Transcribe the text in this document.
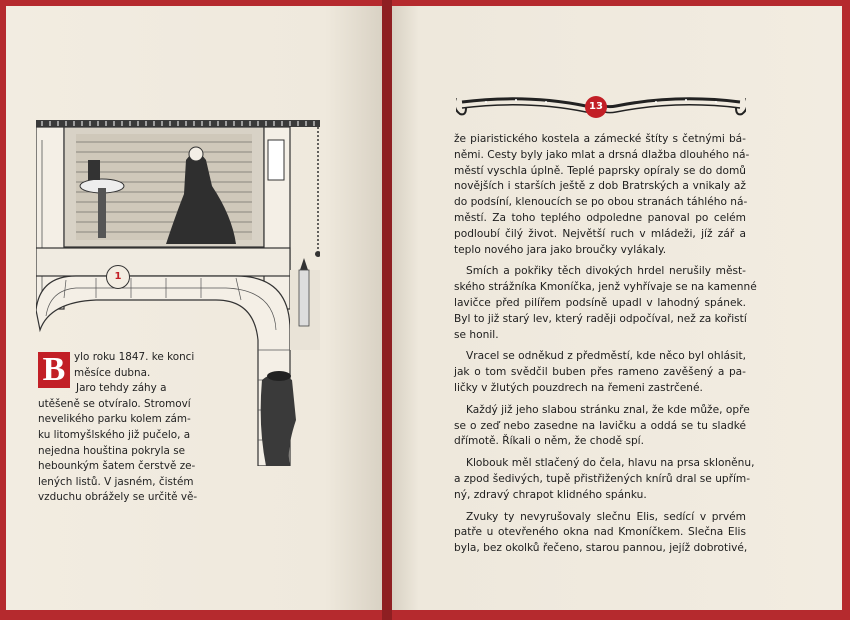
1
B ylo roku 1847. ke konci
měsíce dubna.
Jaro tehdy záhy a
utěšeně se otvíralo. Stromoví
nevelikého parku kolem zám-
ku litomyšlského již pučelo, a
nejedna houština pokryla se
hebounkým šatem čerstvě ze-
lených listů. V jasném, čistém
vzduchu obrážely se určitě vě-
13

že piaristického kostela a zámecké štíty s četnými bá-
němi. Cesty byly jako mlat a drsná dlažba dlouhého ná-
městí vyschla úplně. Teplé paprsky opíraly se do domů
novějších i starších ještě z dob Bratrských a vnikaly až
do podsíní, klenoucích se po obou stranách táhlého ná-
městí. Za toho teplého odpoledne panoval po celém
podloubí čilý život. Největší ruch v mládeži, jíž zář a
teplo nového jara jako broučky vylákaly.

Smích a pokřiky těch divokých hrdel nerušily měst-
ského strážníka Kmoníčka, jenž vyhřívaje se na kamenné
lavičce před pilířem podsíně upadl v lahodný spánek.
Byl to již starý lev, který raději odpočíval, než za kořistí
se honil.

Vracel se odněkud z předměstí, kde něco byl ohlásit,
jak o tom svědčil buben přes rameno zavěšený a pa-
ličky v žlutých pouzdrech na řemeni zastrčené.

Každý již jeho slabou stránku znal, že kde může, opře
se o zeď nebo zasedne na lavičku a oddá se tu sladké
dřímotě. Říkali o něm, že chodě spí.

Klobouk měl stlačený do čela, hlavu na prsa skloněnu,
a zpod šedivých, tupě přistřižených knírů dral se upřím-
ný, zdravý chrapot klidného spánku.

Zvuky ty nevyrušovaly slečnu Elis, sedící v prvém
patře u otevřeného okna nad Kmoníčkem. Slečna Elis
byla, bez okolků řečeno, starou pannou, jejíž dobrotivé,
